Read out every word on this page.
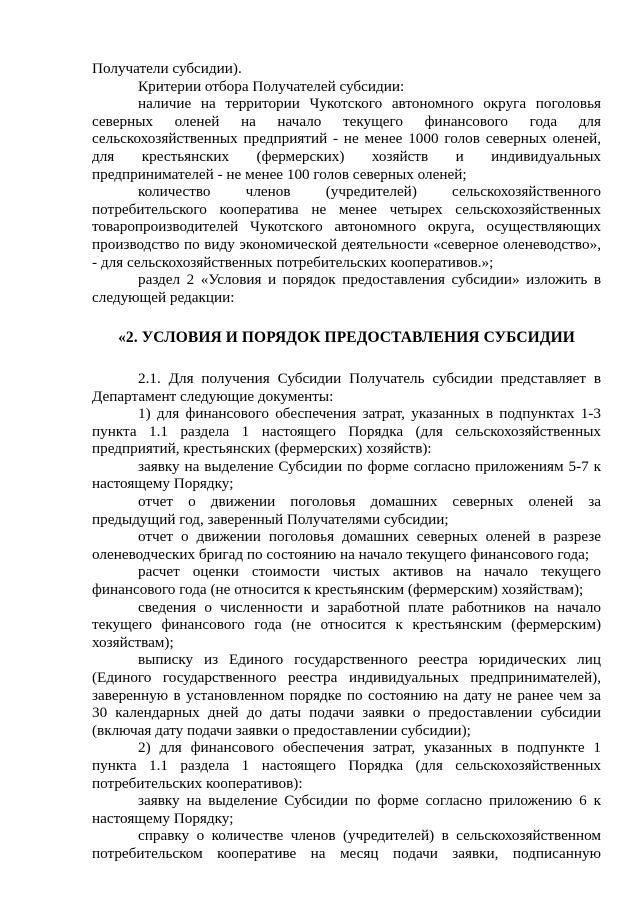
Получатели субсидии).

Критерии отбора Получателей субсидии:

наличие на территории Чукотского автономного округа поголовья северных оленей на начало текущего финансового года для сельскохозяйственных предприятий - не менее 1000 голов северных оленей, для крестьянских (фермерских) хозяйств и индивидуальных предпринимателей - не менее 100 голов северных оленей;

количество членов (учредителей) сельскохозяйственного потребительского кооператива не менее четырех сельскохозяйственных товаропроизводителей Чукотского автономного округа, осуществляющих производство по виду экономической деятельности «северное оленеводство», - для сельскохозяйственных потребительских кооперативов.»;

раздел 2 «Условия и порядок предоставления субсидии» изложить в следующей редакции:

«2. УСЛОВИЯ И ПОРЯДОК ПРЕДОСТАВЛЕНИЯ СУБСИДИИ

2.1. Для получения Субсидии Получатель субсидии представляет в Департамент следующие документы:

1) для финансового обеспечения затрат, указанных в подпунктах 1-3 пункта 1.1 раздела 1 настоящего Порядка (для сельскохозяйственных предприятий, крестьянских (фермерских) хозяйств):

заявку на выделение Субсидии по форме согласно приложениям 5-7 к настоящему Порядку;

отчет о движении поголовья домашних северных оленей за предыдущий год, заверенный Получателями субсидии;

отчет о движении поголовья домашних северных оленей в разрезе оленеводческих бригад по состоянию на начало текущего финансового года;

расчет оценки стоимости чистых активов на начало текущего финансового года (не относится к крестьянским (фермерским) хозяйствам);

сведения о численности и заработной плате работников на начало текущего финансового года (не относится к крестьянским (фермерским) хозяйствам);

выписку из Единого государственного реестра юридических лиц (Единого государственного реестра индивидуальных предпринимателей), заверенную в установленном порядке по состоянию на дату не ранее чем за 30 календарных дней до даты подачи заявки о предоставлении субсидии (включая дату подачи заявки о предоставлении субсидии);

2) для финансового обеспечения затрат, указанных в подпункте 1 пункта 1.1 раздела 1 настоящего Порядка (для сельскохозяйственных потребительских кооперативов):

заявку на выделение Субсидии по форме согласно приложению 6 к настоящему Порядку;

справку о количестве членов (учредителей) в сельскохозяйственном потребительском кооперативе на месяц подачи заявки, подписанную
